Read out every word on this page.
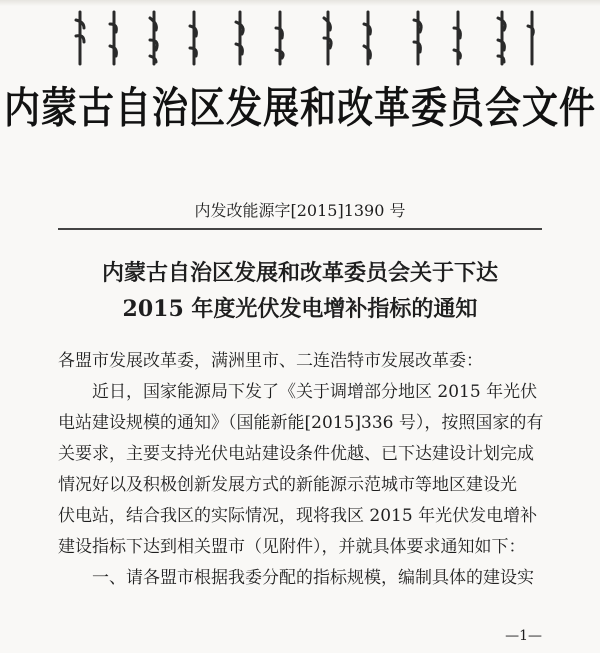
内蒙古自治区发展和改革委员会文件
内发改能源字[2015]1390 号
内蒙古自治区发展和改革委员会关于下达
2015 年度光伏发电增补指标的通知

各盟市发展改革委，满洲里市、二连浩特市发展改革委：

近日，国家能源局下发了《关于调增部分地区 2015 年光伏

电站建设规模的通知》（国能新能[2015]336 号），按照国家的有

关要求，主要支持光伏电站建设条件优越、已下达建设计划完成

情况好以及积极创新发展方式的新能源示范城市等地区建设光

伏电站，结合我区的实际情况，现将我区 2015 年光伏发电增补

建设指标下达到相关盟市（见附件），并就具体要求通知如下：

一、请各盟市根据我委分配的指标规模，编制具体的建设实

—1—
